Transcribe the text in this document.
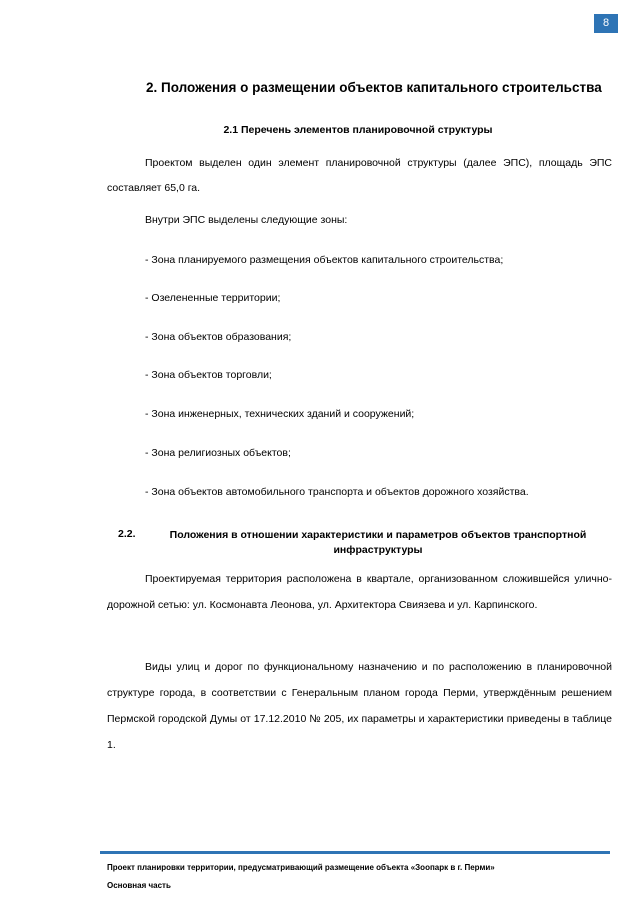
8
2. Положения о размещении объектов капитального строительства
2.1 Перечень элементов планировочной структуры
Проектом выделен один элемент планировочной структуры (далее ЭПС), площадь ЭПС составляет 65,0 га.
Внутри ЭПС выделены следующие зоны:
- Зона планируемого размещения объектов капитального строительства;
- Озелененные территории;
- Зона объектов образования;
- Зона объектов торговли;
- Зона инженерных, технических зданий и сооружений;
- Зона религиозных объектов;
- Зона объектов автомобильного транспорта и объектов дорожного хозяйства.
2.2.	Положения в отношении характеристики и параметров объектов транспортной инфраструктуры
Проектируемая территория расположена в квартале, организованном сложившейся улично-дорожной сетью: ул. Космонавта Леонова, ул. Архитектора Свиязева и ул. Карпинского.
Виды улиц и дорог по функциональному назначению и по расположению в планировочной структуре города, в соответствии с Генеральным планом города Перми, утверждённым решением Пермской городской Думы от 17.12.2010 № 205, их параметры и характеристики приведены в таблице 1.
Проект планировки территории, предусматривающий размещение объекта «Зоопарк в г. Перми»
Основная часть
